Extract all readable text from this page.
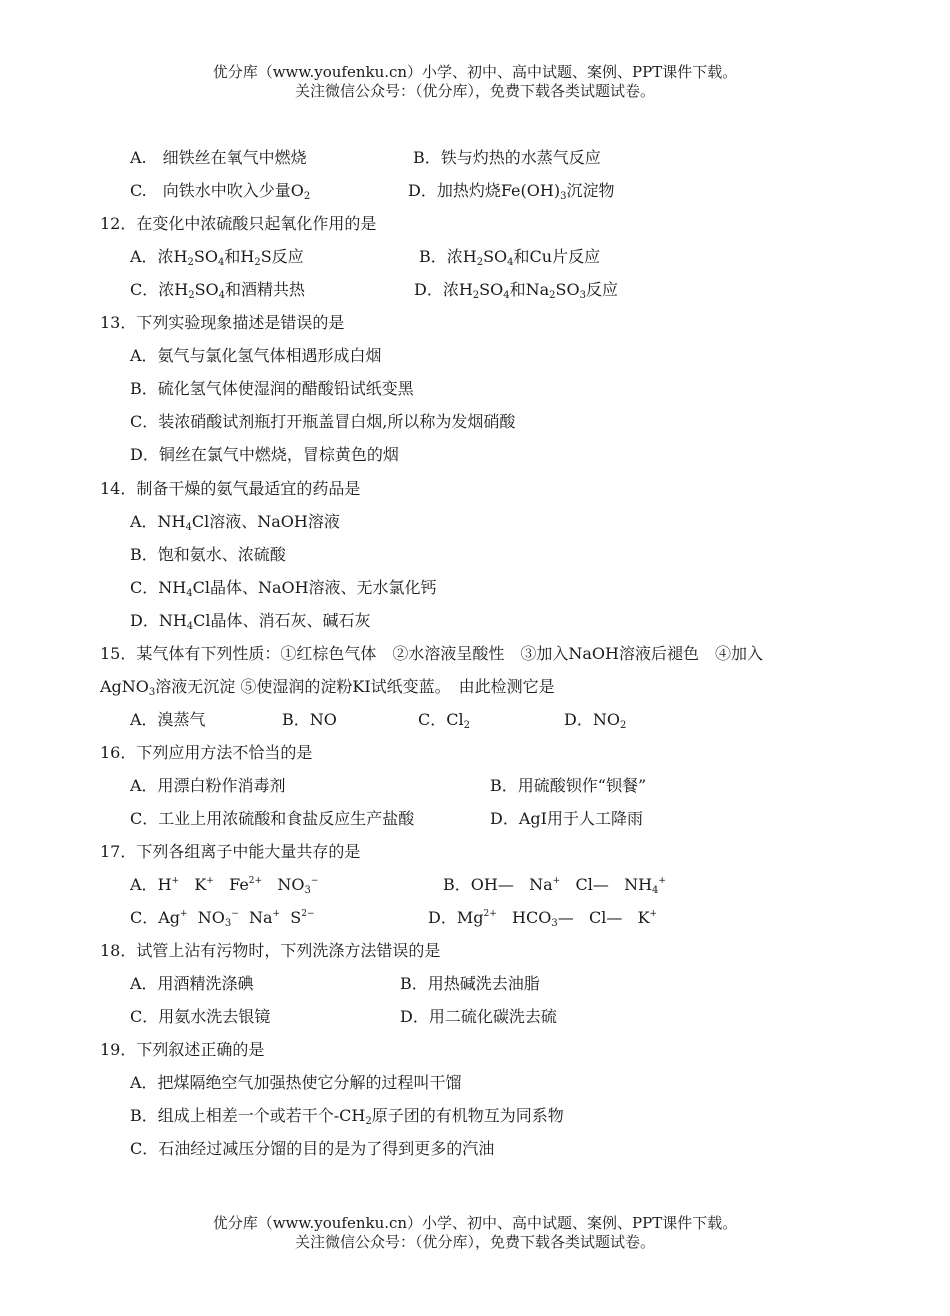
优分库（www.youfenku.cn）小学、初中、高中试题、案例、PPT课件下载。
关注微信公众号：（优分库），免费下载各类试题试卷。
A.　细铁丝在氧气中燃烧	B．铁与灼热的水蒸气反应
C.　向铁水中吹入少量$O_2$	D．加热灼烧$Fe(OH)_3$沉淀物
12．在变化中浓硫酸只起氧化作用的是
A．浓$H_2SO_4$和$H_2S$反应	B．浓$H_2SO_4$和Cu片反应
C．浓$H_2SO_4$和酒精共热	D．浓$H_2SO_4$和$Na_2SO_3$反应
13．下列实验现象描述是错误的是
A．氨气与氯化氢气体相遇形成白烟
B．硫化氢气体使湿润的醋酸铅试纸变黑
C．装浓硝酸试剂瓶打开瓶盖冒白烟,所以称为发烟硝酸
D．铜丝在氯气中燃烧，冒棕黄色的烟
14．制备干燥的氨气最适宜的药品是
A．$NH_4Cl$溶液、NaOH溶液
B．饱和氨水、浓硫酸
C．$NH_4Cl$晶体、NaOH溶液、无水氯化钙
D．$NH_4Cl$晶体、消石灰、碱石灰
15．某气体有下列性质：①红棕色气体　②水溶液呈酸性　③加入NaOH溶液后褪色　④加入
AgNO$_3$溶液无沉淀 ⑤使湿润的淀粉KI试纸变蓝。　由此检测它是
A．溴蒸气	B．NO	C．$Cl_2$	D．$NO_2$
16．下列应用方法不恰当的是
A．用漂白粉作消毒剂	B．用硫酸钡作“钡餐”
C．工业上用浓硫酸和食盐反应生产盐酸	D．AgI用于人工降雨
17．下列各组离子中能大量共存的是
A．H+ K+ $Fe^{2+}$ $NO_3^-$	B．OH— Na+ Cl— $NH_4^+$
C．Ag+ $NO_3^-$ Na+ $S^{2-}$	D．$Mg^{2+}$ $HCO_3—$ Cl— K+
18．试管上沾有污物时，下列洗涤方法错误的是
A．用酒精洗涤碘	B．用热碱洗去油脂
C．用氨水洗去银镜	D．用二硫化碳洗去硫
19．下列叙述正确的是
A．把煤隔绝空气加强热使它分解的过程叫干馏
B．组成上相差一个或若干个$-CH_2$原子团的有机物互为同系物
C．石油经过减压分馏的目的是为了得到更多的汽油
优分库（www.youfenku.cn）小学、初中、高中试题、案例、PPT课件下载。
关注微信公众号：（优分库），免费下载各类试题试卷。
